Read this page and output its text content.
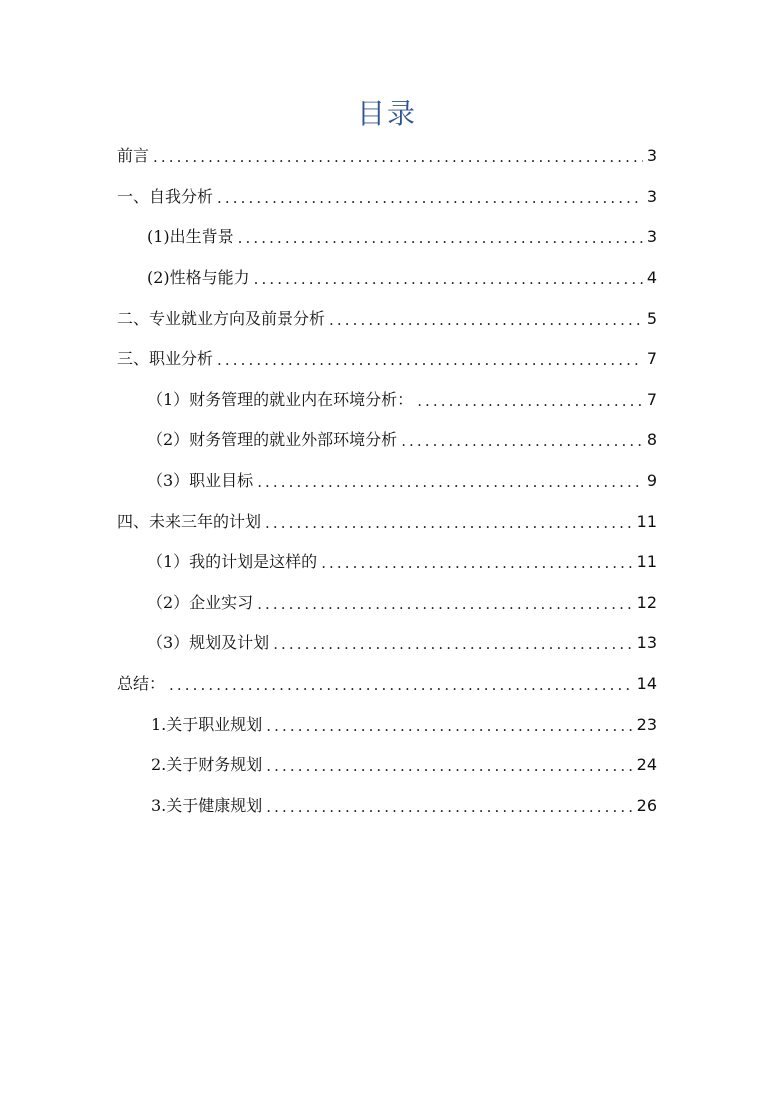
目录
前言 .....	3
一、自我分析 .....	3
(1)出生背景 .....	3
(2)性格与能力 .....	4
二、专业就业方向及前景分析 .....	5
三、职业分析 .....	7
（1）财务管理的就业内在环境分析： .....	7
（2）财务管理的就业外部环境分析 .....	8
（3）职业目标 .....	9
四、未来三年的计划 .....	11
（1）我的计划是这样的 .....	11
（2）企业实习 .....	12
（3）规划及计划 .....	13
总结： .....	14
1.关于职业规划 .....	23
2.关于财务规划 .....	24
3.关于健康规划 .....	26
